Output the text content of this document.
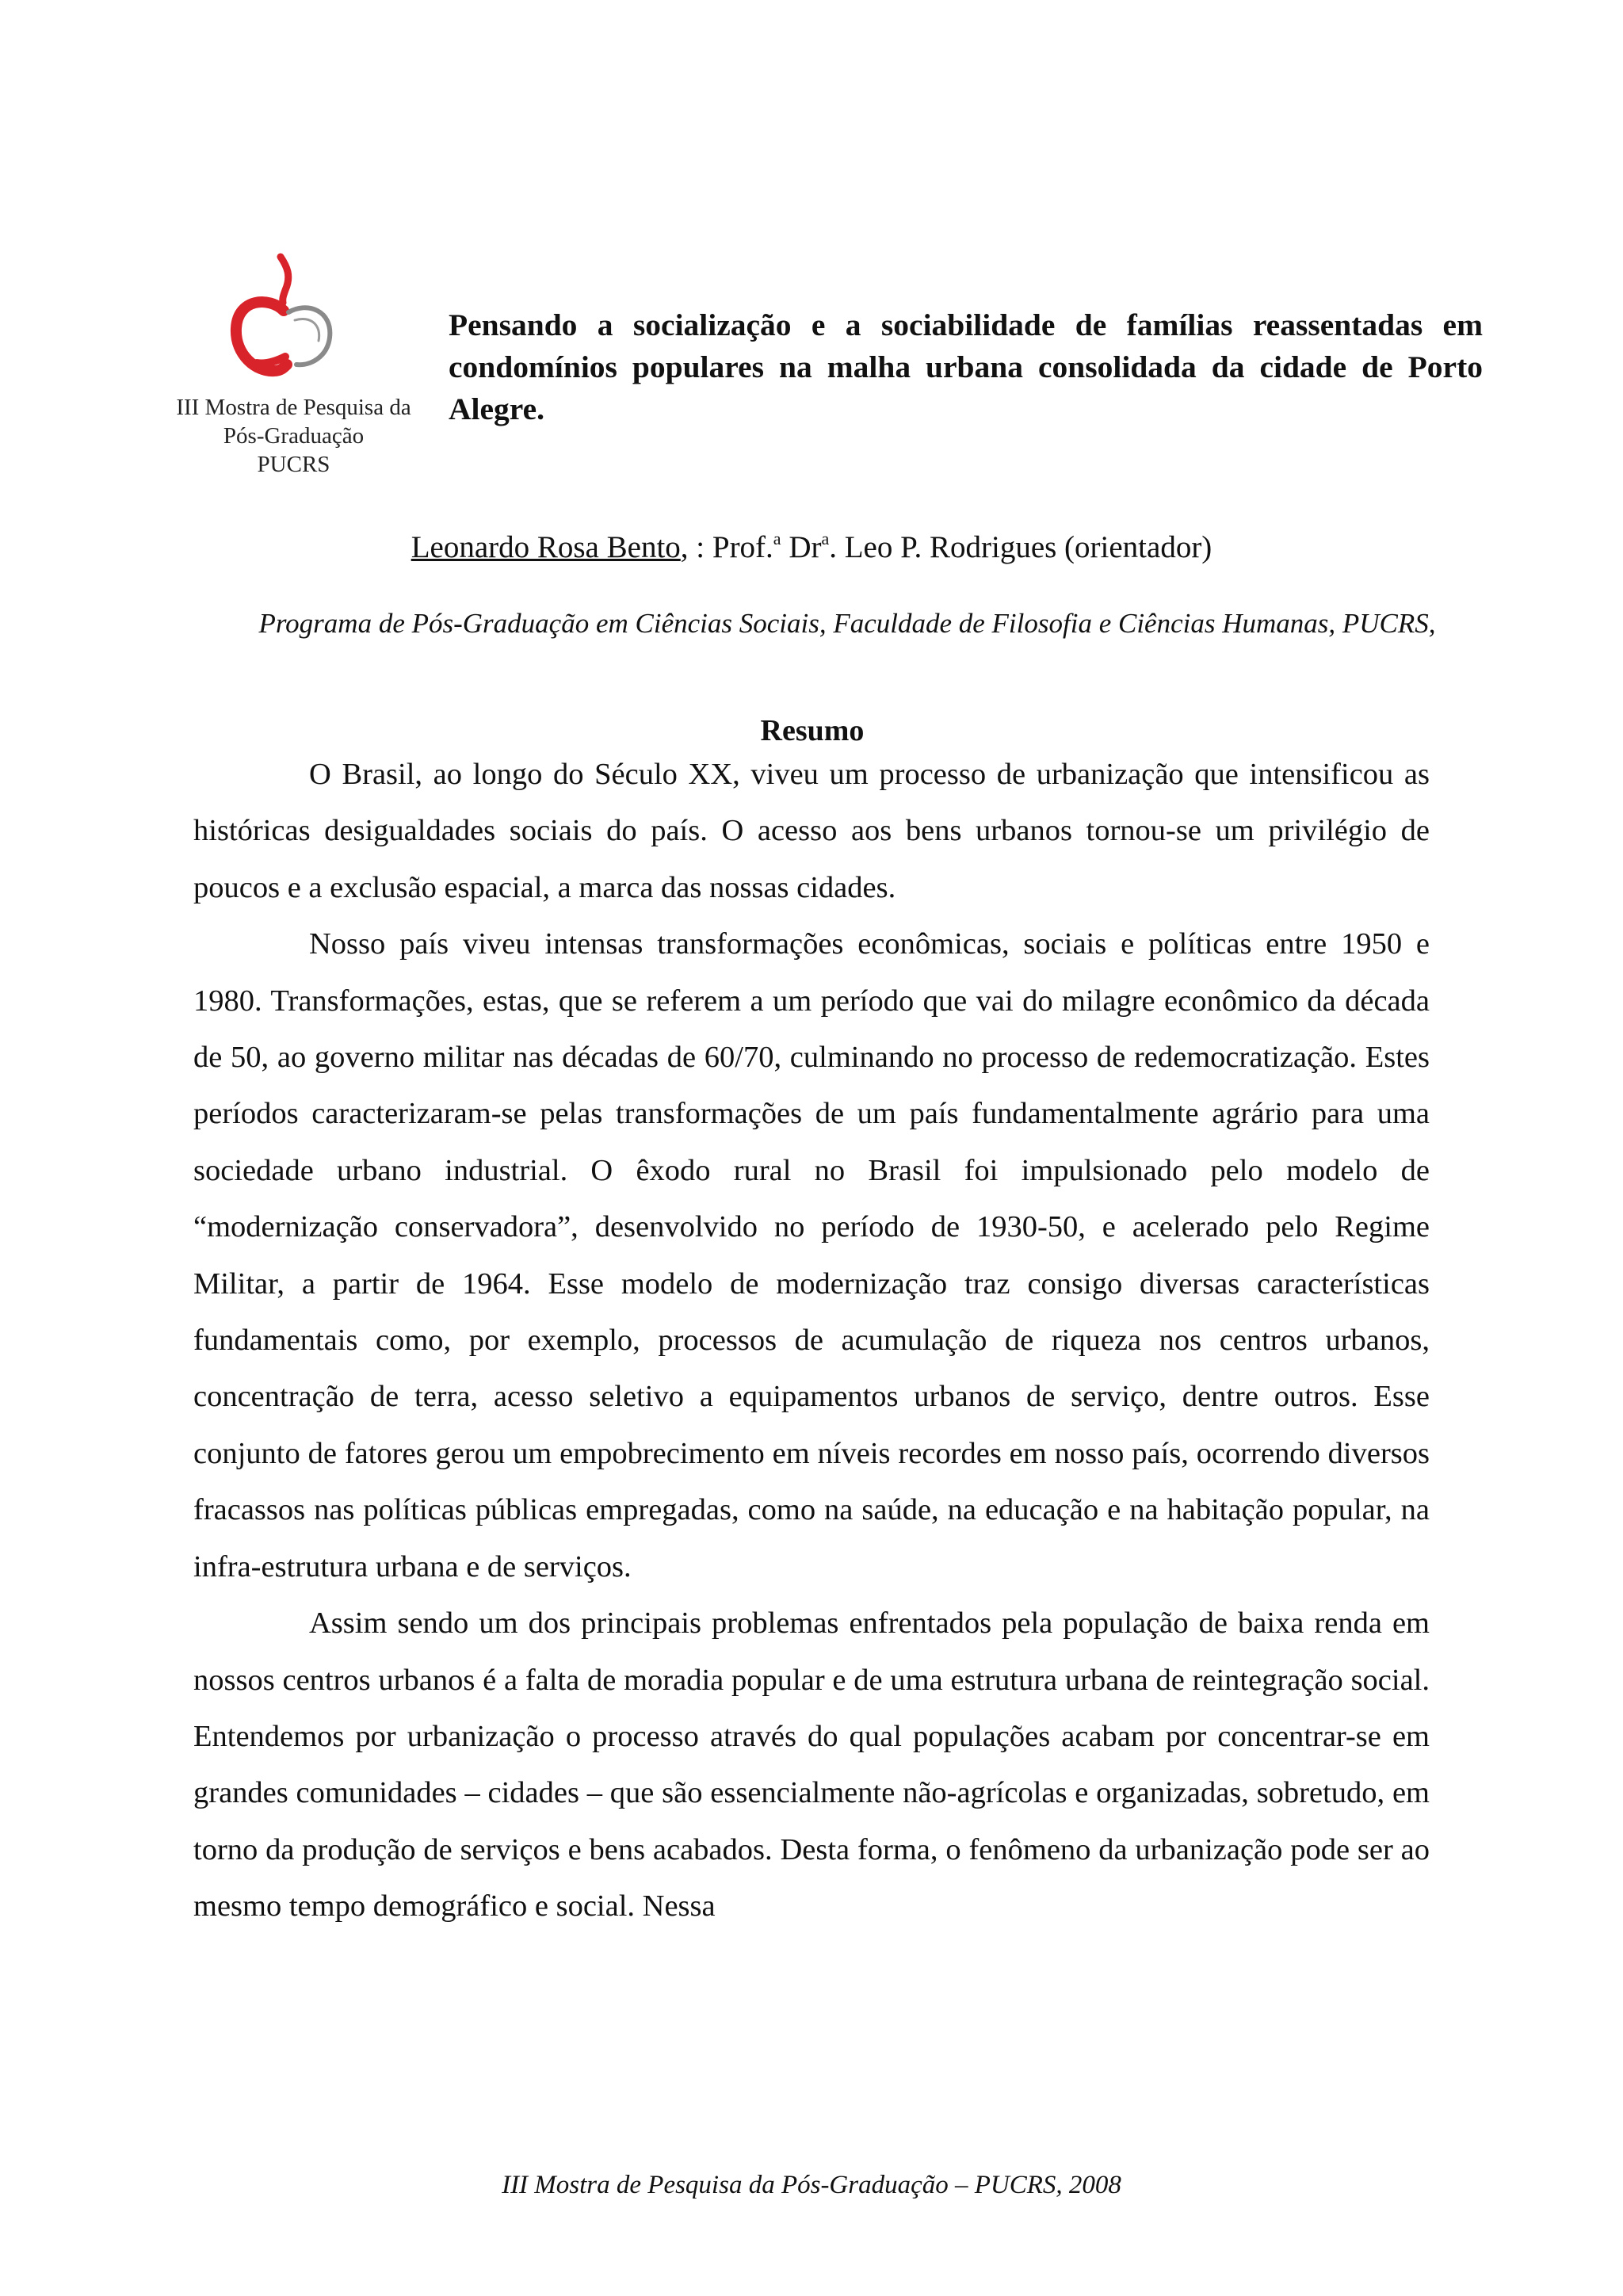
III Mostra de Pesquisa da
Pós-Graduação
PUCRS
Pensando a socialização e a sociabilidade de famílias reassentadas em condomínios populares na malha urbana consolidada da cidade de Porto Alegre.
Leonardo Rosa Bento, : Prof.$^a$ Dr$^a$. Leo P. Rodrigues (orientador)
Programa de Pós-Graduação em Ciências Sociais, Faculdade de Filosofia e Ciências Humanas, PUCRS,
Resumo

O Brasil, ao longo do Século XX, viveu um processo de urbanização que intensificou as históricas desigualdades sociais do país. O acesso aos bens urbanos tornou-se um privilégio de poucos e a exclusão espacial, a marca das nossas cidades.

Nosso país viveu intensas transformações econômicas, sociais e políticas entre 1950 e 1980. Transformações, estas, que se referem a um período que vai do milagre econômico da década de 50, ao governo militar nas décadas de 60/70, culminando no processo de redemocratização. Estes períodos caracterizaram-se pelas transformações de um país fundamentalmente agrário para uma sociedade urbano industrial. O êxodo rural no Brasil foi impulsionado pelo modelo de “modernização conservadora”, desenvolvido no período de 1930-50, e acelerado pelo Regime Militar, a partir de 1964. Esse modelo de modernização traz consigo diversas características fundamentais como, por exemplo, processos de acumulação de riqueza nos centros urbanos, concentração de terra, acesso seletivo a equipamentos urbanos de serviço, dentre outros. Esse conjunto de fatores gerou um empobrecimento em níveis recordes em nosso país, ocorrendo diversos fracassos nas políticas públicas empregadas, como na saúde, na educação e na habitação popular, na infra-estrutura urbana e de serviços.

Assim sendo um dos principais problemas enfrentados pela população de baixa renda em nossos centros urbanos é a falta de moradia popular e de uma estrutura urbana de reintegração social. Entendemos por urbanização o processo através do qual populações acabam por concentrar-se em grandes comunidades – cidades – que são essencialmente não-agrícolas e organizadas, sobretudo, em torno da produção de serviços e bens acabados. Desta forma, o fenômeno da urbanização pode ser ao mesmo tempo demográfico e social. Nessa

III Mostra de Pesquisa da Pós-Graduação – PUCRS, 2008
